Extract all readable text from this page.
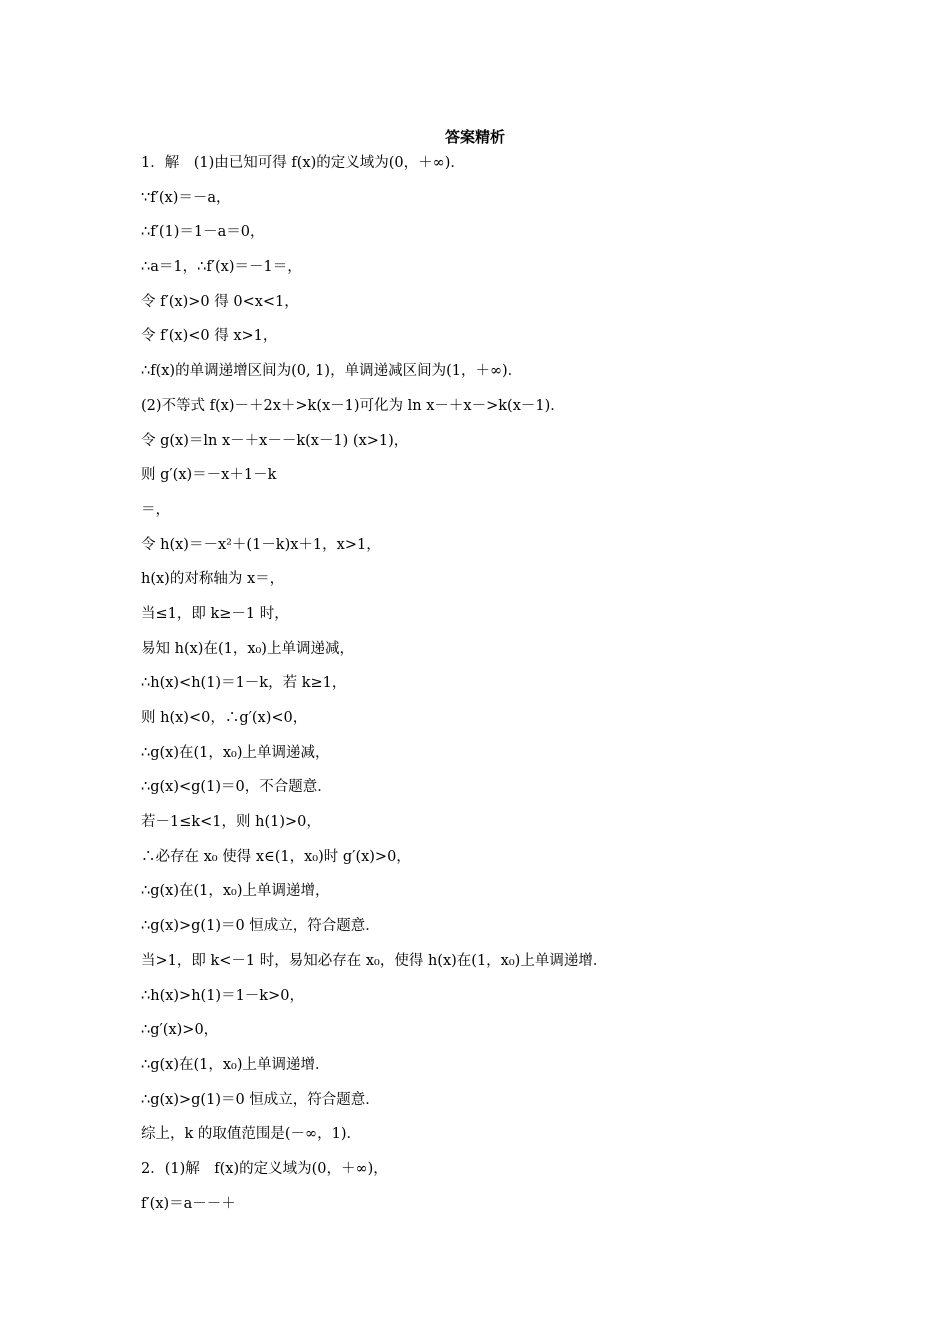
答案精析
1．解　(1)由已知可得 f(x)的定义域为(0，＋∞)．
∵f′(x)＝－a，
∴f′(1)＝1－a＝0，
∴a＝1，∴f′(x)＝－1＝，
令 f′(x)>0 得 0<x<1，
令 f′(x)<0 得 x>1，
∴f(x)的单调递增区间为(0, 1)，单调递减区间为(1，＋∞)．
(2)不等式 f(x)－＋2x＋>k(x－1)可化为 ln x－＋x－>k(x－1)．
令 g(x)＝ln x－＋x－－k(x－1) (x>1)，
则 g′(x)＝－x＋1－k
＝，
令 h(x)＝－x²＋(1－k)x＋1，x>1，
h(x)的对称轴为 x＝，
当≤1，即 k≥－1 时，
易知 h(x)在(1，x₀)上单调递减，
∴h(x)<h(1)＝1－k，若 k≥1，
则 h(x)<0，∴g′(x)<0，
∴g(x)在(1，x₀)上单调递减，
∴g(x)<g(1)＝0，不合题意．
若－1≤k<1，则 h(1)>0，
∴必存在 x₀ 使得 x∈(1，x₀)时 g′(x)>0，
∴g(x)在(1，x₀)上单调递增，
∴g(x)>g(1)＝0 恒成立，符合题意．
当>1，即 k<－1 时，易知必存在 x₀，使得 h(x)在(1，x₀)上单调递增．
∴h(x)>h(1)＝1－k>0，
∴g′(x)>0，
∴g(x)在(1，x₀)上单调递增．
∴g(x)>g(1)＝0 恒成立，符合题意．
综上，k 的取值范围是(－∞，1)．
2．(1)解　f(x)的定义域为(0，＋∞)，
f′(x)＝a－－＋
